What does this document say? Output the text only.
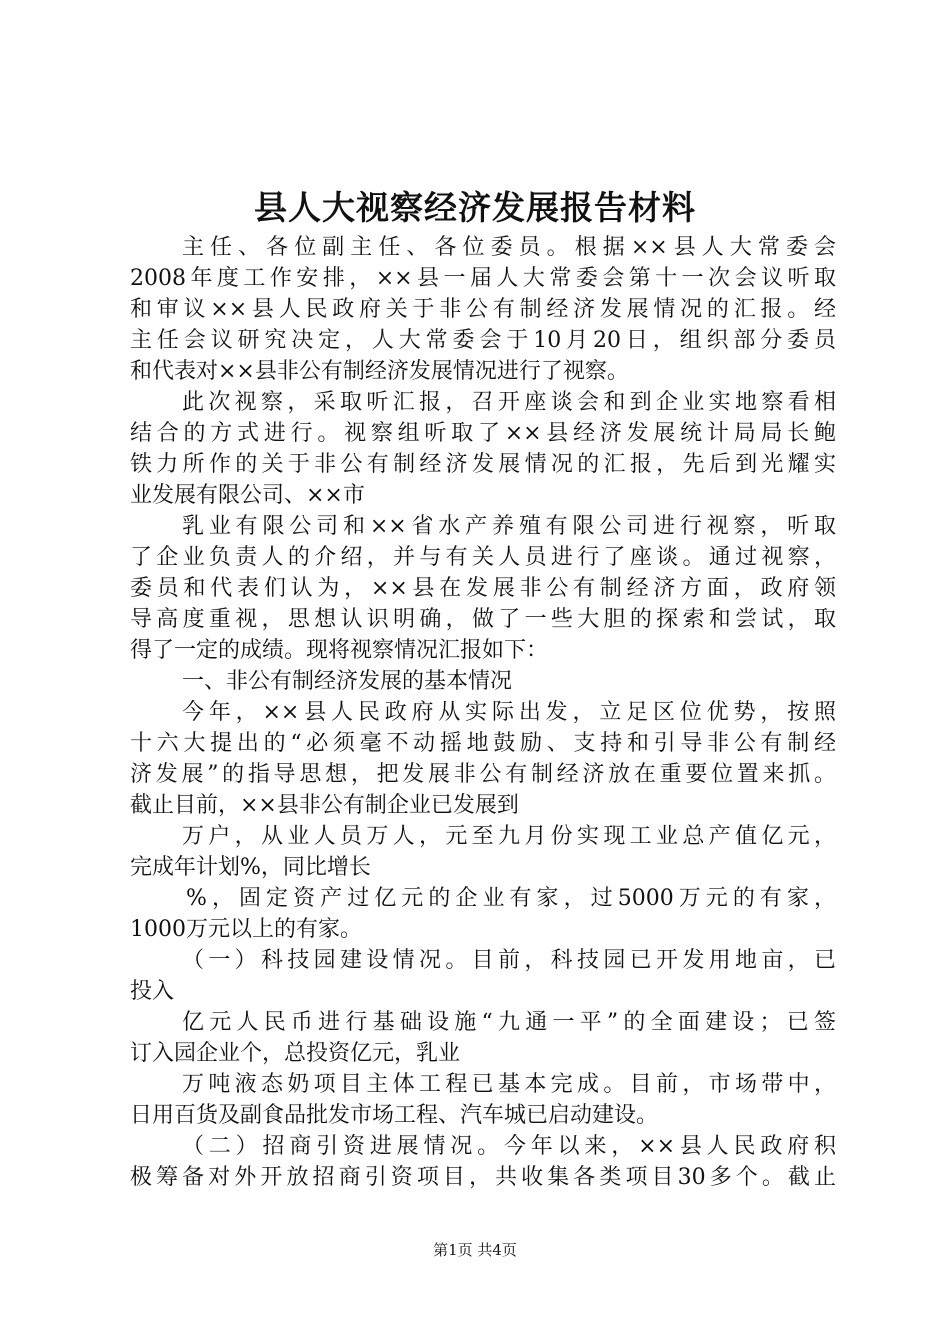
县人大视察经济发展报告材料
主任、各位副主任、各位委员。根据××县人大常委会
2008年度工作安排，××县一届人大常委会第十一次会议听取
和审议××县人民政府关于非公有制经济发展情况的汇报。经
主任会议研究决定，人大常委会于10月20日，组织部分委员
和代表对××县非公有制经济发展情况进行了视察。
此次视察，采取听汇报，召开座谈会和到企业实地察看相
结合的方式进行。视察组听取了××县经济发展统计局局长鲍
铁力所作的关于非公有制经济发展情况的汇报，先后到光耀实
业发展有限公司、××市
乳业有限公司和××省水产养殖有限公司进行视察，听取
了企业负责人的介绍，并与有关人员进行了座谈。通过视察，
委员和代表们认为，××县在发展非公有制经济方面，政府领
导高度重视，思想认识明确，做了一些大胆的探索和尝试，取
得了一定的成绩。现将视察情况汇报如下：
一、非公有制经济发展的基本情况
今年，××县人民政府从实际出发，立足区位优势，按照
十六大提出的“必须毫不动摇地鼓励、支持和引导非公有制经
济发展”的指导思想，把发展非公有制经济放在重要位置来抓。
截止目前，××县非公有制企业已发展到
万户，从业人员万人，元至九月份实现工业总产值亿元，
完成年计划%，同比增长
%，固定资产过亿元的企业有家，过5000万元的有家，
1000万元以上的有家。
（一）科技园建设情况。目前，科技园已开发用地亩，已
投入
亿元人民币进行基础设施“九通一平”的全面建设；已签
订入园企业个，总投资亿元，乳业
万吨液态奶项目主体工程已基本完成。目前，市场带中，
日用百货及副食品批发市场工程、汽车城已启动建设。
（二）招商引资进展情况。今年以来，××县人民政府积
极筹备对外开放招商引资项目，共收集各类项目30多个。截止
第1页 共4页
